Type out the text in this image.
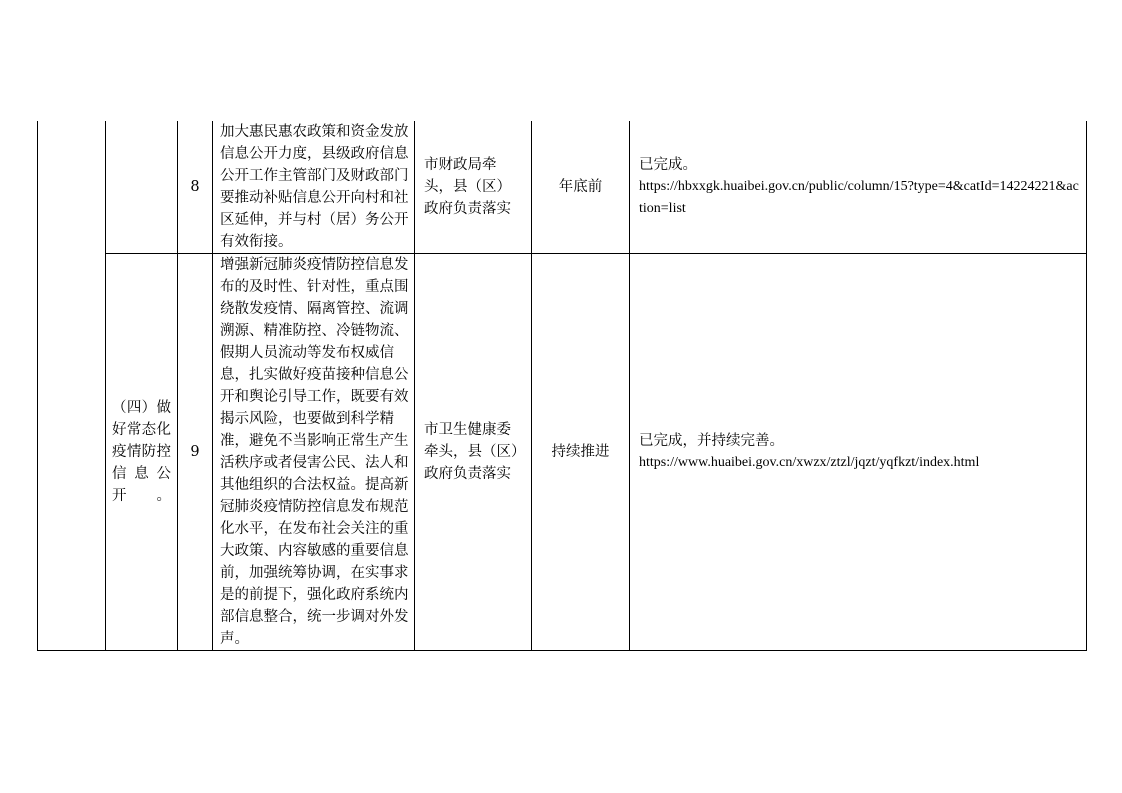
		8	加大惠民惠农政策和资金发放信息公开力度，县级政府信息公开工作主管部门及财政部门要推动补贴信息公开向村和社区延伸，并与村（居）务公开有效衔接。	市财政局牵头，县（区）政府负责落实	年底前	已完成。
https://hbxxgk.huaibei.gov.cn/public/column/15?type=4&catId=14224221&action=list

	（四）做好常态化疫情防控信息公开。	9	增强新冠肺炎疫情防控信息发布的及时性、针对性，重点围绕散发疫情、隔离管控、流调溯源、精准防控、冷链物流、假期人员流动等发布权威信息，扎实做好疫苗接种信息公开和舆论引导工作，既要有效揭示风险，也要做到科学精准，避免不当影响正常生产生活秩序或者侵害公民、法人和其他组织的合法权益。提高新冠肺炎疫情防控信息发布规范化水平，在发布社会关注的重大政策、内容敏感的重要信息前，加强统筹协调，在实事求是的前提下，强化政府系统内部信息整合，统一步调对外发声。	市卫生健康委牵头，县（区）政府负责落实	持续推进	已完成，并持续完善。
https://www.huaibei.gov.cn/xwzx/ztzl/jqzt/yqfkzt/index.html
